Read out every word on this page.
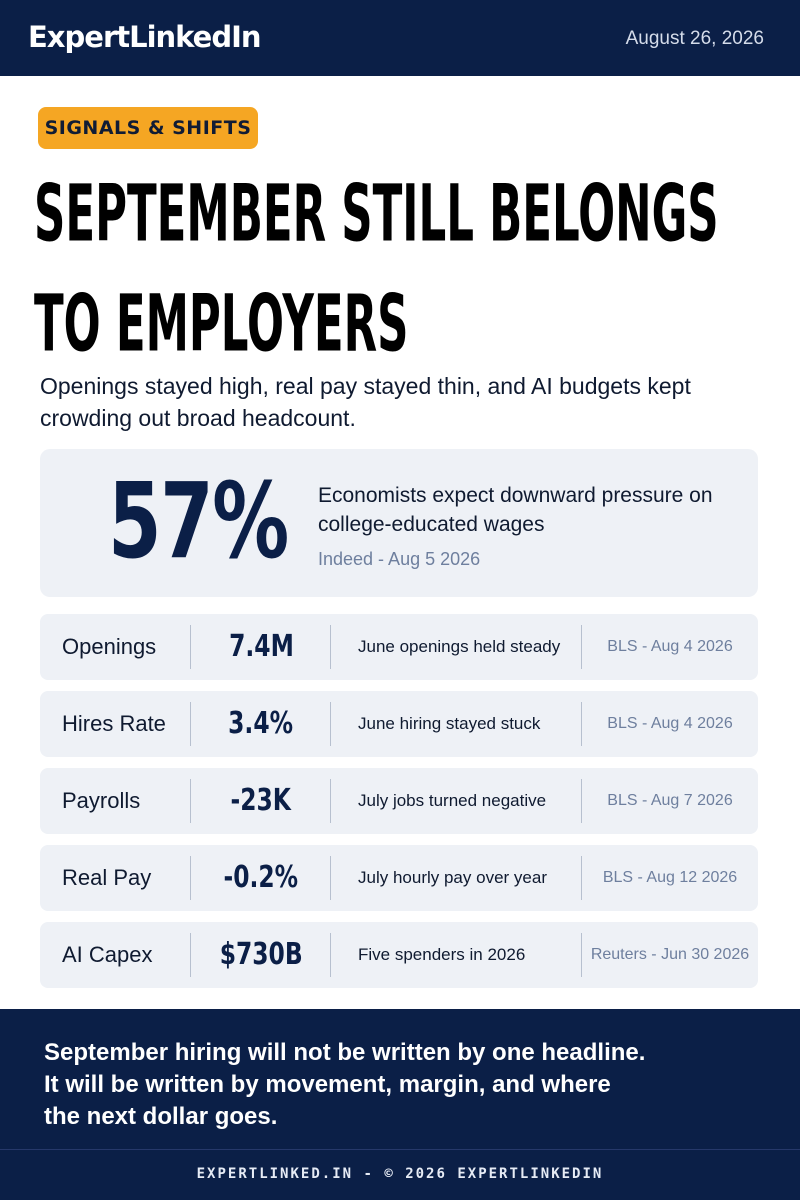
ExpertLinkedIn	August 26, 2026
SIGNALS & SHIFTS
SEPTEMBER STILL BELONGS
TO EMPLOYERS
Openings stayed high, real pay stayed thin, and AI budgets kept crowding out broad headcount.
57% Economists expect downward pressure on college-educated wages
Indeed - Aug 5 2026
Openings	7.4M	June openings held steady	BLS - Aug 4 2026
Hires Rate	3.4%	June hiring stayed stuck	BLS - Aug 4 2026
Payrolls	-23K	July jobs turned negative	BLS - Aug 7 2026
Real Pay	-0.2%	July hourly pay over year	BLS - Aug 12 2026
AI Capex	$730B	Five spenders in 2026	Reuters - Jun 30 2026
September hiring will not be written by one headline.
It will be written by movement, margin, and where
the next dollar goes.
EXPERTLINKED.IN - © 2026 EXPERTLINKEDIN
